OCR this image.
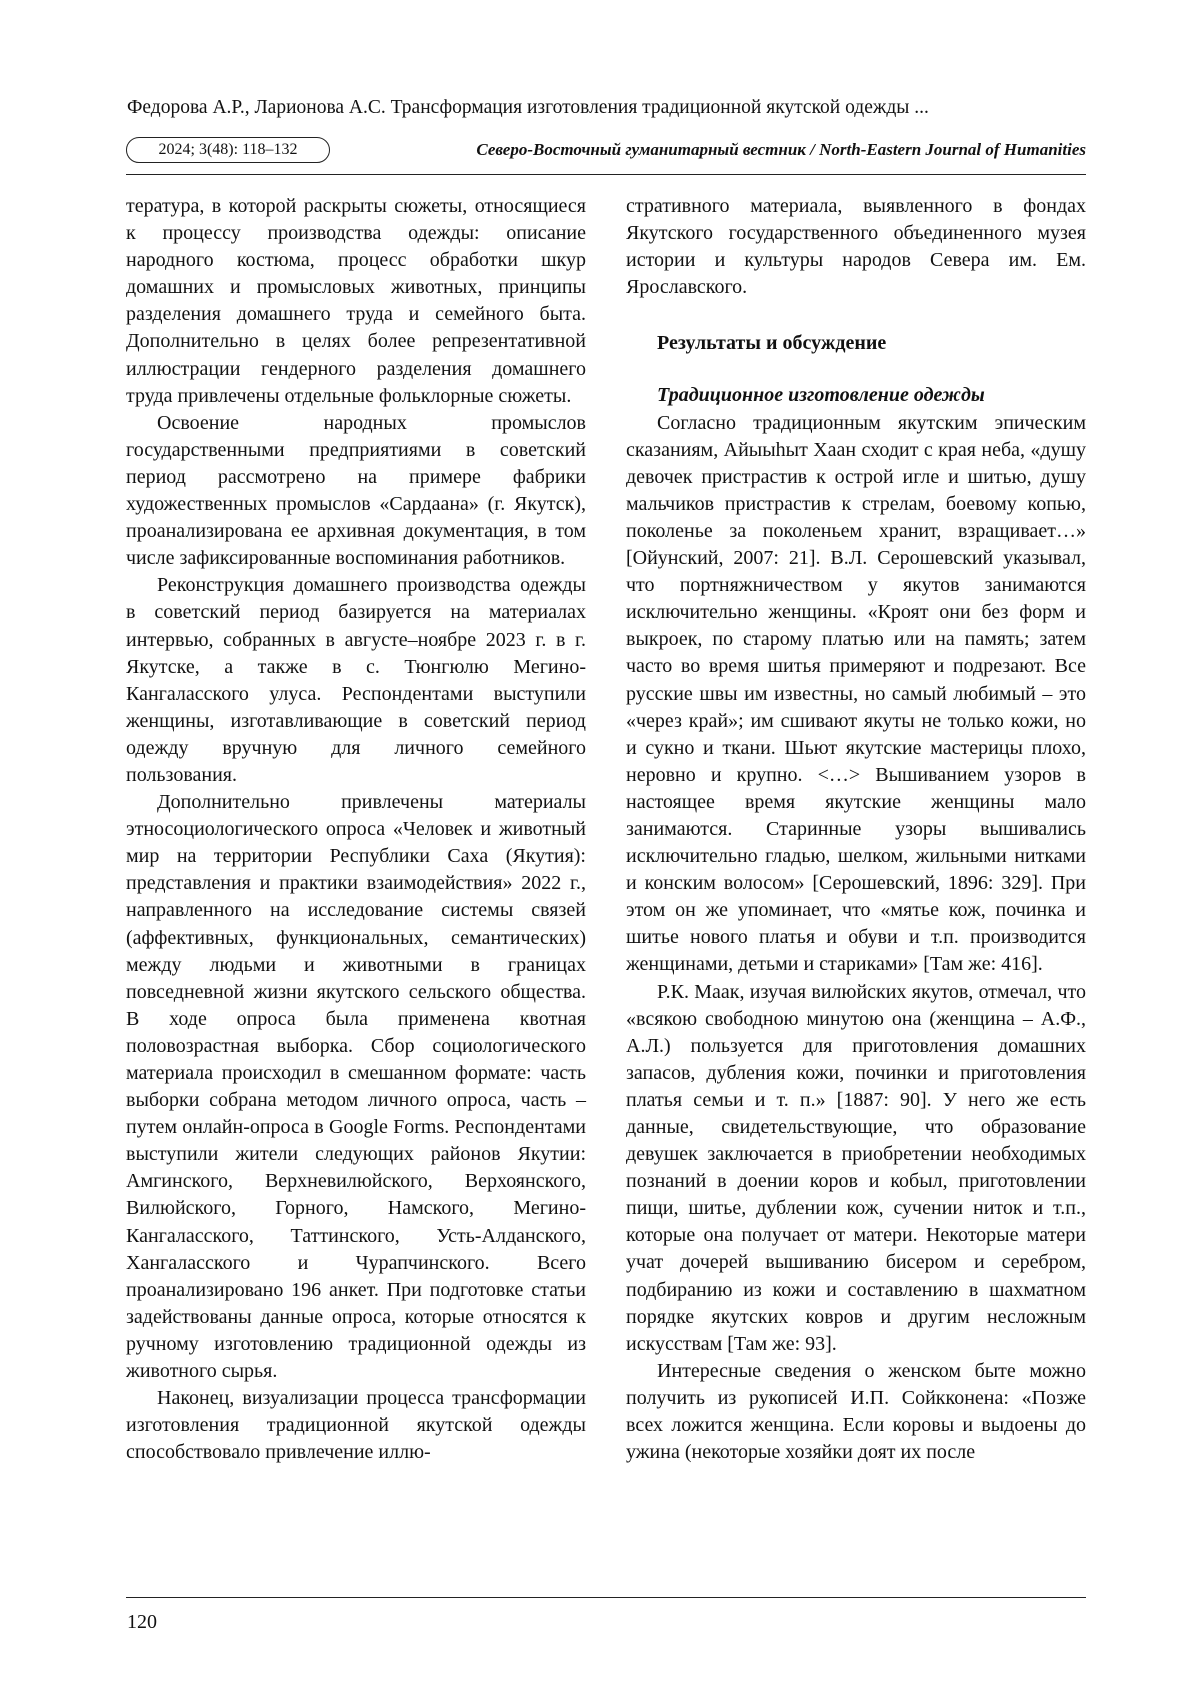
Федорова А.Р., Ларионова А.С. Трансформация изготовления традиционной якутской одежды ...
2024; 3(48): 118–132	Северо-Восточный гуманитарный вестник / North-Eastern Journal of Humanities

тература, в которой раскрыты сюжеты, относящиеся к процессу производства одежды: описание народного костюма, процесс обработки шкур домашних и промысловых животных, принципы разделения домашнего труда и семейного быта. Дополнительно в целях более репрезентативной иллюстрации гендерного разделения домашнего труда привлечены отдельные фольклорные сюжеты.

Освоение народных промыслов государственными предприятиями в советский период рассмотрено на примере фабрики художественных промыслов «Сардаана» (г. Якутск), проанализирована ее архивная документация, в том числе зафиксированные воспоминания работников.

Реконструкция домашнего производства одежды в советский период базируется на материалах интервью, собранных в августе–ноябре 2023 г. в г. Якутске, а также в с. Тюнгюлю Мегино-Кангаласского улуса. Респондентами выступили женщины, изготавливающие в советский период одежду вручную для личного семейного пользования.

Дополнительно привлечены материалы этносоциологического опроса «Человек и животный мир на территории Республики Саха (Якутия): представления и практики взаимодействия» 2022 г., направленного на исследование системы связей (аффективных, функциональных, семантических) между людьми и животными в границах повседневной жизни якутского сельского общества. В ходе опроса была применена квотная половозрастная выборка. Сбор социологического материала происходил в смешанном формате: часть выборки собрана методом личного опроса, часть – путем онлайн-опроса в Google Forms. Респондентами выступили жители следующих районов Якутии: Амгинского, Верхневилюйского, Верхоянского, Вилюйского, Горного, Намского, Мегино-Кангаласского, Таттинского, Усть-Алданского, Хангаласского и Чурапчинского. Всего проанализировано 196 анкет. При подготовке статьи задействованы данные опроса, которые относятся к ручному изготовлению традиционной одежды из животного сырья.

Наконец, визуализации процесса трансформации изготовления традиционной якутской одежды способствовало привлечение иллю-

стративного материала, выявленного в фондах Якутского государственного объединенного музея истории и культуры народов Севера им. Ем. Ярославского.

Результаты и обсуждение
Традиционное изготовление одежды

Согласно традиционным якутским эпическим сказаниям, Айыыhыт Хаан сходит с края неба, «душу девочек пристрастив к острой игле и шитью, душу мальчиков пристрастив к стрелам, боевому копью, поколенье за поколеньем хранит, взращивает…» [Ойунский, 2007: 21]. В.Л. Серошевский указывал, что портняжничеством у якутов занимаются исключительно женщины. «Кроят они без форм и выкроек, по старому платью или на память; затем часто во время шитья примеряют и подрезают. Все русские швы им известны, но самый любимый – это «через край»; им сшивают якуты не только кожи, но и сукно и ткани. Шьют якутские мастерицы плохо, неровно и крупно. <…> Вышиванием узоров в настоящее время якутские женщины мало занимаются. Старинные узоры вышивались исключительно гладью, шелком, жильными нитками и конским волосом» [Серошевский, 1896: 329]. При этом он же упоминает, что «мятье кож, починка и шитье нового платья и обуви и т.п. производится женщинами, детьми и стариками» [Там же: 416].

Р.К. Маак, изучая вилюйских якутов, отмечал, что «всякою свободною минутою она (женщина – А.Ф., А.Л.) пользуется для приготовления домашних запасов, дубления кожи, починки и приготовления платья семьи и т. п.» [1887: 90]. У него же есть данные, свидетельствующие, что образование девушек заключается в приобретении необходимых познаний в доении коров и кобыл, приготовлении пищи, шитье, дублении кож, сучении ниток и т.п., которые она получает от матери. Некоторые матери учат дочерей вышиванию бисером и серебром, подбиранию из кожи и составлению в шахматном порядке якутских ковров и другим несложным искусствам [Там же: 93].

Интересные сведения о женском быте можно получить из рукописей И.П. Сойкконена: «Позже всех ложится женщина. Если коровы и выдоены до ужина (некоторые хозяйки доят их после

120
